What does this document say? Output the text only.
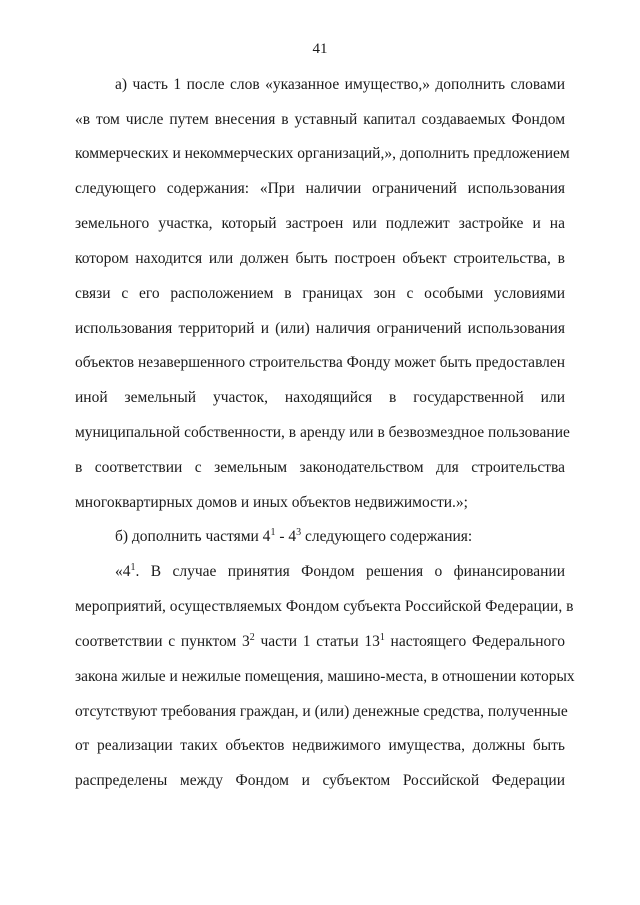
41
а) часть 1 после слов «указанное имущество,» дополнить словами
«в том числе путем внесения в уставный капитал создаваемых Фондом
коммерческих и некоммерческих организаций,», дополнить предложением
следующего содержания: «При наличии ограничений использования
земельного участка, который застроен или подлежит застройке и на
котором находится или должен быть построен объект строительства, в
связи с его расположением в границах зон с особыми условиями
использования территорий и (или) наличия ограничений использования
объектов незавершенного строительства Фонду может быть предоставлен
иной земельный участок, находящийся в государственной или
муниципальной собственности, в аренду или в безвозмездное пользование
в соответствии с земельным законодательством для строительства
многоквартирных домов и иных объектов недвижимости.»;
б) дополнить частями $4^1 - 4^3$ следующего содержания:
«$4^1$. В случае принятия Фондом решения о финансировании
мероприятий, осуществляемых Фондом субъекта Российской Федерации, в
соответствии с пунктом $3^2$ части 1 статьи $13^1$ настоящего Федерального
закона жилые и нежилые помещения, машино-места, в отношении которых
отсутствуют требования граждан, и (или) денежные средства, полученные
от реализации таких объектов недвижимого имущества, должны быть
распределены между Фондом и субъектом Российской Федерации
